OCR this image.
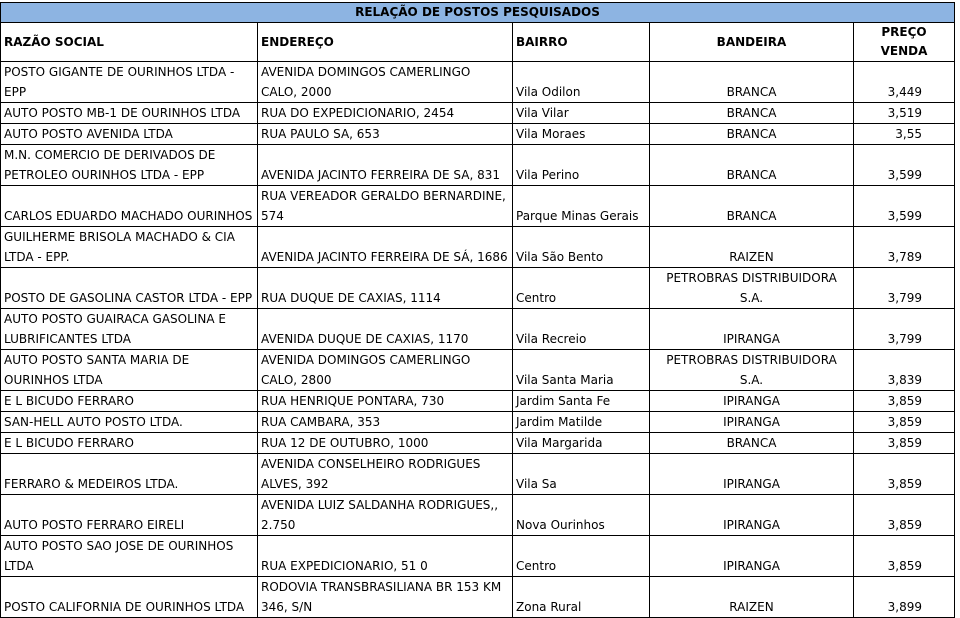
RELAÇÃO DE POSTOS PESQUISADOS				
RAZÃO SOCIAL	ENDEREÇO	BAIRRO	BANDEIRA	PREÇO VENDA
POSTO GIGANTE DE OURINHOS LTDA - EPP	AVENIDA DOMINGOS CAMERLINGO CALO, 2000	Vila Odilon	BRANCA	3,449
AUTO POSTO MB-1 DE OURINHOS LTDA	RUA DO EXPEDICIONARIO, 2454	Vila Vilar	BRANCA	3,519
AUTO POSTO AVENIDA LTDA	RUA PAULO SA, 653	Vila Moraes	BRANCA	3,55
M.N. COMERCIO DE DERIVADOS DE PETROLEO OURINHOS LTDA - EPP	AVENIDA JACINTO FERREIRA DE SA, 831	Vila Perino	BRANCA	3,599
CARLOS EDUARDO MACHADO OURINHOS	RUA VEREADOR GERALDO BERNARDINE, 574	Parque Minas Gerais	BRANCA	3,599
GUILHERME BRISOLA MACHADO & CIA LTDA - EPP.	AVENIDA JACINTO FERREIRA DE SÁ, 1686	Vila São Bento	RAIZEN	3,789
POSTO DE GASOLINA CASTOR LTDA - EPP	RUA DUQUE DE CAXIAS, 1114	Centro	PETROBRAS DISTRIBUIDORA S.A.	3,799
AUTO POSTO GUAIRACA GASOLINA E LUBRIFICANTES LTDA	AVENIDA DUQUE DE CAXIAS, 1170	Vila Recreio	IPIRANGA	3,799
AUTO POSTO SANTA MARIA DE OURINHOS LTDA	AVENIDA DOMINGOS CAMERLINGO CALO, 2800	Vila Santa Maria	PETROBRAS DISTRIBUIDORA S.A.	3,839
E L BICUDO FERRARO	RUA HENRIQUE PONTARA, 730	Jardim Santa Fe	IPIRANGA	3,859
SAN-HELL AUTO POSTO LTDA.	RUA CAMBARA, 353	Jardim Matilde	IPIRANGA	3,859
E L BICUDO FERRARO	RUA 12 DE OUTUBRO, 1000	Vila Margarida	BRANCA	3,859
FERRARO & MEDEIROS LTDA.	AVENIDA CONSELHEIRO RODRIGUES ALVES, 392	Vila Sa	IPIRANGA	3,859
AUTO POSTO FERRARO EIRELI	AVENIDA LUIZ SALDANHA RODRIGUES,, 2.750	Nova Ourinhos	IPIRANGA	3,859
AUTO POSTO SAO JOSE DE OURINHOS LTDA	RUA EXPEDICIONARIO, 51 0	Centro	IPIRANGA	3,859
POSTO CALIFORNIA DE OURINHOS LTDA	RODOVIA TRANSBRASILIANA BR 153 KM 346, S/N	Zona Rural	RAIZEN	3,899
